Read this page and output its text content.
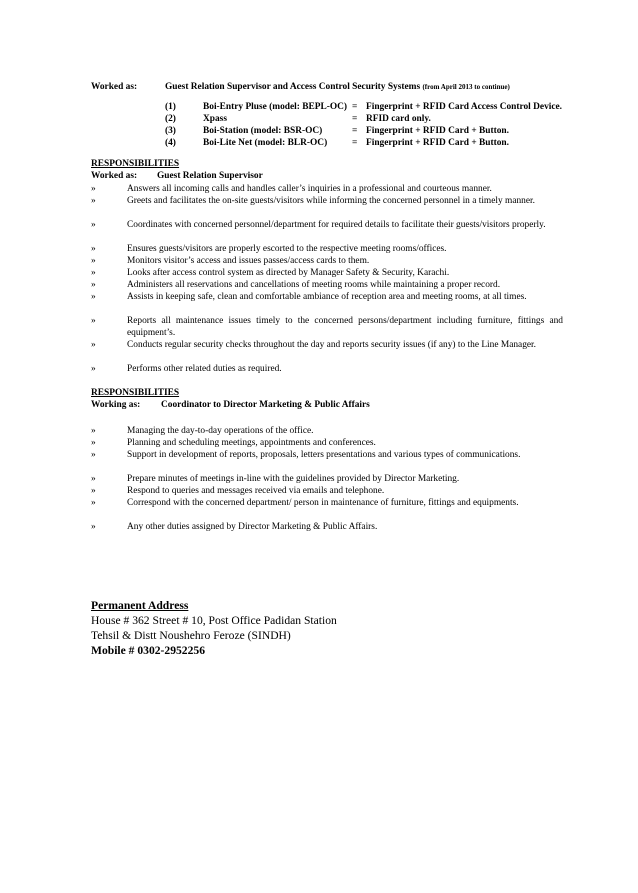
Worked as:	Guest Relation Supervisor and Access Control Security Systems (from April 2013 to continue)
(1)	Boi-Entry Pluse (model: BEPL-OC) = Fingerprint + RFID Card Access Control Device.
(2)	Xpass	= RFID card only.
(3)	Boi-Station (model: BSR-OC)	= Fingerprint + RFID Card + Button.
(4)	Boi-Lite Net (model: BLR-OC)	= Fingerprint + RFID Card + Button.
RESPONSIBILITIES
Worked as: Guest Relation Supervisor
»	Answers all incoming calls and handles caller’s inquiries in a professional and courteous manner.
»	Greets and facilitates the on-site guests/visitors while informing the concerned personnel in a timely manner.
»	Coordinates with concerned personnel/department for required details to facilitate their guests/visitors properly.
»	Ensures guests/visitors are properly escorted to the respective meeting rooms/offices.
»	Monitors visitor’s access and issues passes/access cards to them.
»	Looks after access control system as directed by Manager Safety & Security, Karachi.
»	Administers all reservations and cancellations of meeting rooms while maintaining a proper record.
»	Assists in keeping safe, clean and comfortable ambiance of reception area and meeting rooms, at all times.
»	Reports all maintenance issues timely to the concerned persons/department including furniture, fittings and equipment’s.
»	Conducts regular security checks throughout the day and reports security issues (if any) to the Line Manager.
»	Performs other related duties as required.
RESPONSIBILITIES
Working as: Coordinator to Director Marketing & Public Affairs
»	Managing the day-to-day operations of the office.
»	Planning and scheduling meetings, appointments and conferences.
»	Support in development of reports, proposals, letters presentations and various types of communications.
»	Prepare minutes of meetings in-line with the guidelines provided by Director Marketing.
»	Respond to queries and messages received via emails and telephone.
»	Correspond with the concerned department/ person in maintenance of furniture, fittings and equipments.
»	Any other duties assigned by Director Marketing & Public Affairs.
Permanent Address
House # 362 Street # 10, Post Office Padidan Station
Tehsil & Distt Noushehro Feroze (SINDH)
Mobile # 0302-2952256
